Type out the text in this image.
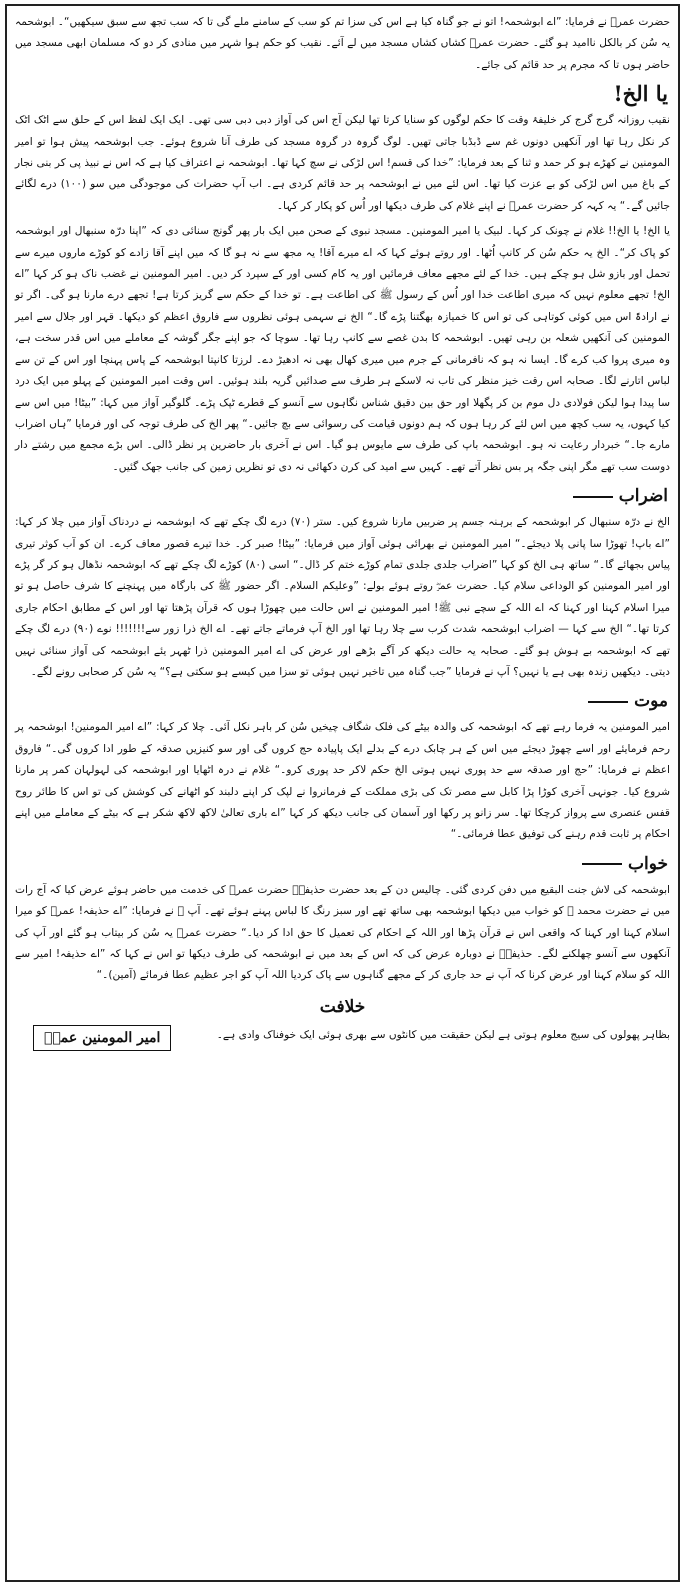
حضرت عمرؓ نے فرمایا: ”اے ابوشحمہ! اتو نے جو گناہ کیا ہے اس کی سزا تم کو سب کے سامنے ملے گی تا کہ سب تجھ سے سبق سیکھیں“۔ ابوشحمہ یہ سُن کر بالکل ناامید ہو گئے۔ حضرت عمرؓ کشاں کشاں مسجد میں لے آئے۔ نقیب کو حکم ہوا شہر میں منادی کر دو کہ مسلمان ابھی مسجد میں حاضر ہوں تا کہ مجرم پر حد قائم کی جائے۔

یا الخ!

نقیب روزانہ گرج گرج کر خلیفۂ وقت کا حکم لوگوں کو سنایا کرتا تھا لیکن آج اس کی آواز دبی دبی سی تھی۔ ایک ایک لفظ اس کے حلق سے اٹک اٹک کر نکل رہا تھا اور آنکھیں دونوں غم سے ڈبڈبا جاتی تھیں۔ لوگ گروہ در گروہ مسجد کی طرف آنا شروع ہوئے۔ جب ابوشحمہ پیش ہوا تو امیر المومنین نے کھڑے ہو کر حمد و ثنا کے بعد فرمایا: ”خدا کی قسم! اس لڑکی نے سچ کہا تھا۔ ابوشحمہ نے اعتراف کیا ہے کہ اس نے نبیذ پی کر بنی نجار کے باغ میں اس لڑکی کو بے عزت کیا تھا۔ اس لئے میں نے ابوشحمہ پر حد قائم کردی ہے۔ اب آپ حضرات کی موجودگی میں سو (۱۰۰) درے لگائے جائیں گے۔“ یہ کہہ کر حضرت عمرؓ نے اپنے غلام کی طرف دیکھا اور اُس کو پکار کر کہا۔

یا الخ! یا الخ!! غلام نے چونک کر کہا۔ لبیک یا امیر المومنین۔ مسجد نبوی کے صحن میں ایک بار پھر گونج سنائی دی کہ ”اپنا درّہ سنبھال اور ابوشحمہ کو پاک کر“۔ الخ یہ حکم سُن کر کانپ اُٹھا۔ اور روتے ہوئے کہا کہ اے میرے آقا! یہ مجھ سے نہ ہو گا کہ میں اپنے آقا زادے کو کوڑے ماروں میرے سے تحمل اور بازو شل ہو چکے ہیں۔ خدا کے لئے مجھے معاف فرمائیں اور یہ کام کسی اور کے سپرد کر دیں۔ امیر المومنین نے غضب ناک ہو کر کہا ”اے الخ! تجھے معلوم نہیں کہ میری اطاعت خدا اور اُس کے رسول ﷺ کی اطاعت ہے۔ تو خدا کے حکم سے گریز کرتا ہے! تجھے درے مارنا ہو گی۔ اگر تو نے ارادۃً اس میں کوئی کوتاہی کی تو اس کا خمیازہ بھگتنا پڑے گا۔“ الخ نے سہمی ہوئی نظروں سے فاروق اعظم کو دیکھا۔ قہر اور جلال سے امیر المومنین کی آنکھیں شعلہ بن رہی تھیں۔ ابوشحمہ کا بدن غصے سے کانپ رہا تھا۔ سوچا کہ جو اپنے جگر گوشہ کے معاملے میں اس قدر سخت ہے، وہ میری پروا کب کرے گا۔ ایسا نہ ہو کہ نافرمانی کے جرم میں میری کھال بھی نہ ادھیڑ دے۔ لرزتا کانپتا ابوشحمہ کے پاس پہنچا اور اس کے تن سے لباس اتارنے لگا۔ صحابہ اس رقت خیز منظر کی تاب نہ لاسکے ہر طرف سے صدائیں گریہ بلند ہوئیں۔ اس وقت امیر المومنین کے پہلو میں ایک درد سا پیدا ہوا لیکن فولادی دل موم بن کر پگھلا اور حق بین دقیق شناس نگاہوں سے آنسو کے قطرے ٹپک پڑے۔ گلوگیر آواز میں کہا: ”بیٹا! میں اس سے کیا کہوں، یہ سب کچھ میں اس لئے کر رہا ہوں کہ ہم دونوں قیامت کی رسوائی سے بچ جائیں۔“ پھر الخ کی طرف توجہ کی اور فرمایا ”ہاں اضراب مارے جا۔“ خبردار رعایت نہ ہو۔ ابوشحمہ باپ کی طرف سے مایوس ہو گیا۔ اس نے آخری بار حاضرین پر نظر ڈالی۔ اس بڑے مجمع میں رشتے دار دوست سب تھے مگر اپنی جگہ پر بس نظر آتے تھے۔ کہیں سے امید کی کرن دکھائی نہ دی تو نظریں زمین کی جانب جھک گئیں۔

اضراب

الخ نے درّہ سنبھال کر ابوشحمہ کے برہنہ جسم پر ضربیں مارنا شروع کیں۔ ستر (۷۰) درے لگ چکے تھے کہ ابوشحمہ نے دردناک آواز میں چلا کر کہا: ”اے باپ! تھوڑا سا پانی پلا دیجئے۔“ امیر المومنین نے بھرائی ہوئی آواز میں فرمایا: ”بیٹا! صبر کر۔ خدا تیرے قصور معاف کرے۔ ان کو آب کوثر تیری پیاس بجھائے گا۔“ ساتھ ہی الخ کو کہا ”اضراب جلدی جلدی تمام کوڑے ختم کر ڈال۔“ اسی (۸۰) کوڑے لگ چکے تھے کہ ابوشحمہ نڈھال ہو کر گر پڑے اور امیر المومنین کو الوداعی سلام کیا۔ حضرت عمرؓ روتے ہوئے بولے: ”وعلیکم السلام۔ اگر حضور ﷺ کی بارگاہ میں پہنچنے کا شرف حاصل ہو تو میرا اسلام کہنا اور کہنا کہ اے اللہ کے سچے نبی ﷺ! امیر المومنین نے اس حالت میں چھوڑا ہوں کہ قرآن پڑھتا تھا اور اس کے مطابق احکام جاری کرتا تھا۔“ الخ سے کہا — اضراب ابوشحمہ شدت کرب سے چلا رہا تھا اور الخ آپ فرماتے جاتے تھے۔ اے الخ ذرا زور سے!!!!!!! نوے (۹۰) درے لگ چکے تھے کہ ابوشحمہ بے ہوش ہو گئے۔ صحابہ یہ حالت دیکھ کر آگے بڑھے اور عرض کی اے امیر المومنین ذرا ٹھہر یئے ابوشحمہ کی آواز سنائی نہیں دیتی۔ دیکھیں زندہ بھی ہے یا نہیں؟ آپ نے فرمایا ”جب گناہ میں تاخیر نہیں ہوئی تو سزا میں کیسے ہو سکتی ہے؟“ یہ سُن کر صحابی رونے لگے۔

موت

امیر المومنین یہ فرما رہے تھے کہ ابوشحمہ کی والدہ بیٹے کی فلک شگاف چیخیں سُن کر باہر نکل آئی۔ چلا کر کہا: ”اے امیر المومنین! ابوشحمہ پر رحم فرمایئے اور اسے چھوڑ دیجئے میں اس کے ہر چابک درے کے بدلے ایک پاپیادہ حج کروں گی اور سو کنیزیں صدقہ کے طور ادا کروں گی۔“ فاروق اعظم نے فرمایا: ”حج اور صدقہ سے حد پوری نہیں ہوتی الخ حکم لاکر حد پوری کرو۔“ غلام نے درہ اٹھایا اور ابوشحمہ کی لہولہان کمر پر مارنا شروع کیا۔ جونہی آخری کوڑا پڑا کابل سے مصر تک کی بڑی مملکت کے فرمانروا نے لپک کر اپنے دلبند کو اٹھانے کی کوشش کی تو اس کا طائر روح قفس عنصری سے پرواز کرچکا تھا۔ سر زانو پر رکھا اور آسمان کی جانب دیکھ کر کہا ”اے باری تعالیٰ لاکھ لاکھ شکر ہے کہ بیٹے کے معاملے میں اپنے احکام پر ثابت قدم رہنے کی توفیق عطا فرمائی۔“

خواب

ابوشحمہ کی لاش جنت البقیع میں دفن کردی گئی۔ چالیس دن کے بعد حضرت حذیفہؓ حضرت عمرؓ کی خدمت میں حاضر ہوئے عرض کیا کہ آج رات میں نے حضرت محمد ﷺ کو خواب میں دیکھا ابوشحمہ بھی ساتھ تھے اور سبز رنگ کا لباس پہنے ہوئے تھے۔ آپ ﷺ نے فرمایا: ”اے حذیفہ! عمرؓ کو میرا اسلام کہنا اور کہنا کہ واقعی اس نے قرآن پڑھا اور اللہ کے احکام کی تعمیل کا حق ادا کر دیا۔“ حضرت عمرؓ یہ سُن کر بیتاب ہو گئے اور آپ کی آنکھوں سے آنسو چھلکنے لگے۔ حذیفہؓ نے دوبارہ عرض کی کہ اس کے بعد میں نے ابوشحمہ کی طرف دیکھا تو اس نے کہا کہ ”اے حذیفہ! امیر سے اللہ کو سلام کہنا اور عرض کرنا کہ آپ نے حد جاری کر کے مجھے گناہوں سے پاک کردیا اللہ آپ کو اجر عظیم عطا فرمائے (آمین)۔“

خلافت
بظاہر پھولوں کی سیج معلوم ہوتی ہے لیکن حقیقت میں کانٹوں سے بھری ہوئی ایک خوفناک وادی ہے۔
امیر المومنین عمرؓ
